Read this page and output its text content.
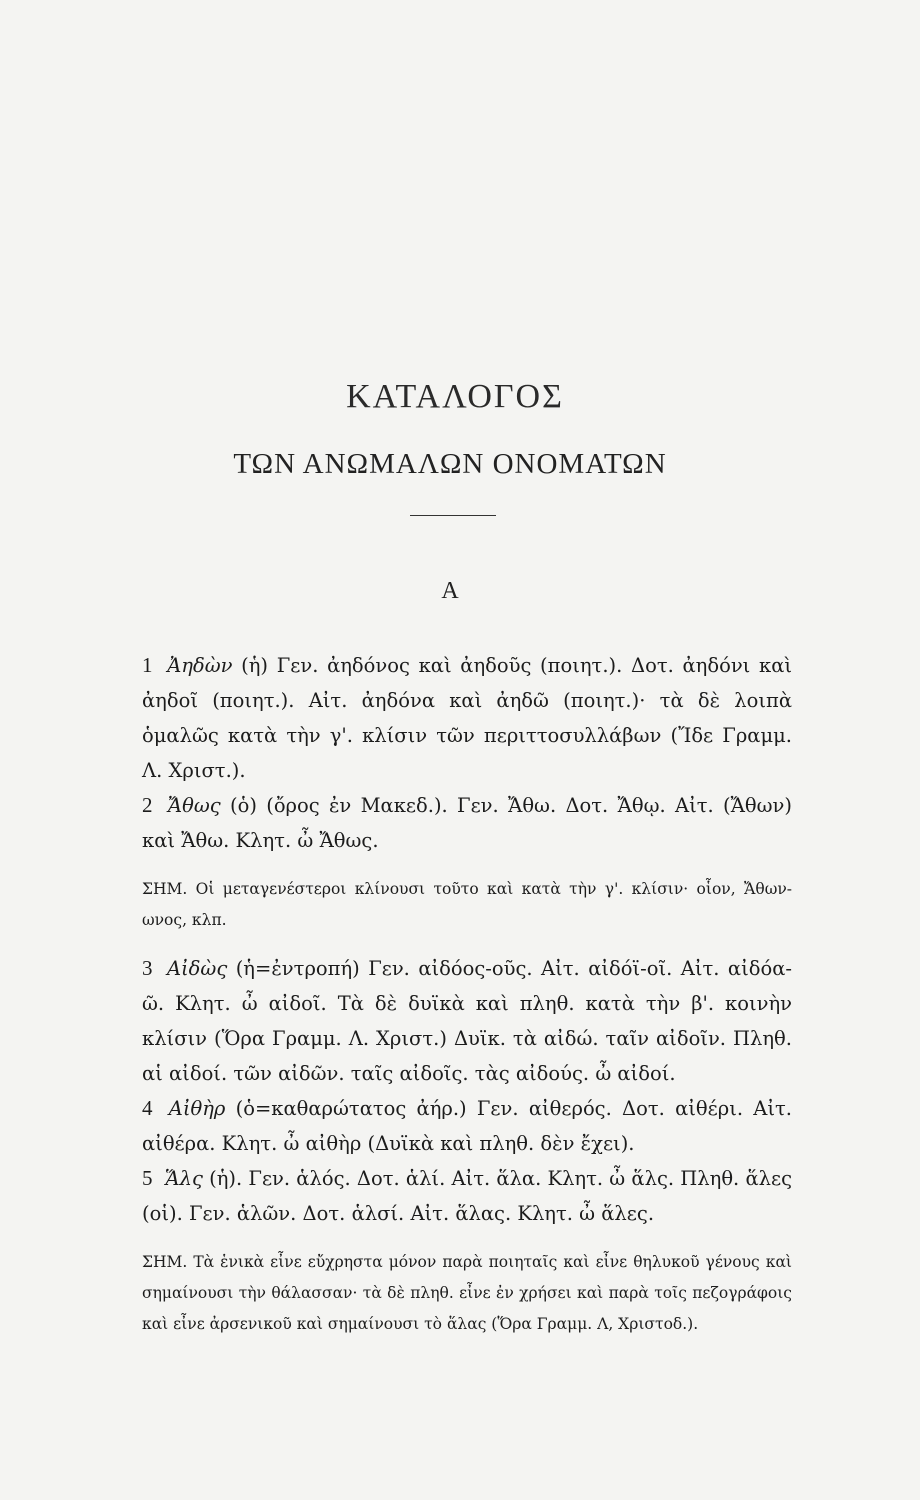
ΚΑΤΑΛΟΓΟΣ
ΤΩΝ ΑΝΩΜΑΛΩΝ ΟΝΟΜΑΤΩΝ
Α

1 Ἀηδὼν (ἡ) Γεν. ἀηδόνος καὶ ἀηδοῦς (ποιητ.). Δοτ. ἀηδόνι καὶ ἀηδοῖ (ποιητ.). Αἰτ. ἀηδόνα καὶ ἀηδῶ (ποιητ.)· τὰ δὲ λοιπὰ ὁμαλῶς κατὰ τὴν γ'. κλίσιν τῶν περιττοσυλλάβων (Ἴδε Γραμμ. Λ. Χριστ.).

2 Ἄθως (ὁ) (ὄρος ἐν Μακεδ.). Γεν. Ἄθω. Δοτ. Ἄθῳ. Αἰτ. (Ἄθων) καὶ Ἄθω. Κλητ. ὦ Ἄθως.

ΣΗΜ. Οἱ μεταγενέστεροι κλίνουσι τοῦτο καὶ κατὰ τὴν γ'. κλίσιν· οἷον, Ἄθων-ωνος, κλπ.

3 Αἰδὼς (ἡ=ἐντροπή) Γεν. αἰδόος-οῦς. Αἰτ. αἰδόϊ-οῖ. Αἰτ. αἰδόα-ῶ. Κλητ. ὦ αἰδοῖ. Τὰ δὲ δυϊκὰ καὶ πληθ. κατὰ τὴν β'. κοινὴν κλίσιν (Ὅρα Γραμμ. Λ. Χριστ.) Δυϊκ. τὰ αἰδώ. ταῖν αἰδοῖν. Πληθ. αἱ αἰδοί. τῶν αἰδῶν. ταῖς αἰδοῖς. τὰς αἰδούς. ὦ αἰδοί.

4 Αἰθὴρ (ὁ=καθαρώτατος ἀήρ.) Γεν. αἰθερός. Δοτ. αἰθέρι. Αἰτ. αἰθέρα. Κλητ. ὦ αἰθὴρ (Δυϊκὰ καὶ πληθ. δὲν ἔχει).

5 Ἅλς (ἡ). Γεν. ἁλός. Δοτ. ἁλί. Αἰτ. ἅλα. Κλητ. ὦ ἅλς. Πληθ. ἅλες (οἱ). Γεν. ἁλῶν. Δοτ. ἁλσί. Αἰτ. ἅλας. Κλητ. ὦ ἅλες.

ΣΗΜ. Τὰ ἑνικὰ εἶνε εὔχρηστα μόνον παρὰ ποιηταῖς καὶ εἶνε θηλυκοῦ γένους καὶ σημαίνουσι τὴν θάλασσαν· τὰ δὲ πληθ. εἶνε ἐν χρήσει καὶ παρὰ τοῖς πεζογράφοις καὶ εἶνε ἀρσενικοῦ καὶ σημαίνουσι τὸ ἅλας (Ὅρα Γραμμ. Λ, Χριστοδ.).
